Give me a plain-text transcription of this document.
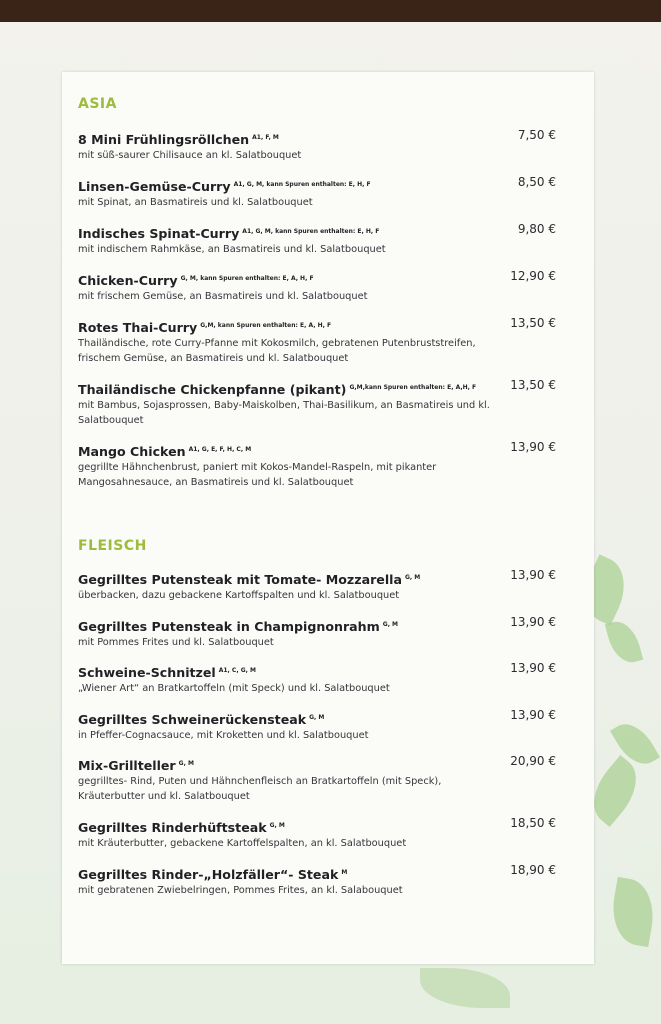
ASIA
8 Mini Frühlingsröllchen $^{A1, F, M}$
mit süß-saurer Chilisauce an kl. Salatbouquet
7,50 €
Linsen-Gemüse-Curry $^{A1, G, M, kann Spuren enthalten: E, H, F}$
mit Spinat, an Basmatireis und kl. Salatbouquet
8,50 €
Indisches Spinat-Curry $^{A1, G, M, kann Spuren enthalten: E, H, F}$
mit indischem Rahmkäse, an Basmatireis und kl. Salatbouquet
9,80 €
Chicken-Curry $^{G, M, kann Spuren enthalten: E, A, H, F}$
mit frischem Gemüse, an Basmatireis und kl. Salatbouquet
12,90 €
Rotes Thai-Curry $^{G,M, kann Spuren enthalten: E, A, H, F}$
Thailändische, rote Curry-Pfanne mit Kokosmilch, gebratenen Putenbruststreifen, frischem Gemüse, an Basmatireis und kl. Salatbouquet
13,50 €
Thailändische Chickenpfanne (pikant) $^{G,M,kann Spuren enthalten: E, A,H, F}$
mit Bambus, Sojasprossen, Baby-Maiskolben, Thai-Basilikum, an Basmatireis und kl. Salatbouquet
13,50 €
Mango Chicken $^{A1, G, E, F, H, C, M}$
gegrillte Hähnchenbrust, paniert mit Kokos-Mandel-Raspeln, mit pikanter Mangosahnesauce, an Basmatireis und kl. Salatbouquet
13,90 €
FLEISCH
Gegrilltes Putensteak mit Tomate- Mozzarella $^{G, M}$
überbacken, dazu gebackene Kartoffspalten und kl. Salatbouquet
13,90 €
Gegrilltes Putensteak in Champignonrahm $^{G, M}$
mit Pommes Frites und kl. Salatbouquet
13,90 €
Schweine-Schnitzel $^{A1, C, G, M}$
„Wiener Art“ an Bratkartoffeln (mit Speck) und kl. Salatbouquet
13,90 €
Gegrilltes Schweinerückensteak $^{G, M}$
in Pfeffer-Cognacsauce, mit Kroketten und kl. Salatbouquet
13,90 €
Mix-Grillteller $^{G, M}$
gegrilltes- Rind, Puten und Hähnchenfleisch an Bratkartoffeln (mit Speck), Kräuterbutter und kl. Salatbouquet
20,90 €
Gegrilltes Rinderhüftsteak $^{G, M}$
mit Kräuterbutter, gebackene Kartoffelspalten, an kl. Salatbouquet
18,50 €
Gegrilltes Rinder-„Holzfäller“- Steak $^M$
mit gebratenen Zwiebelringen, Pommes Frites, an kl. Salabouquet
18,90 €
